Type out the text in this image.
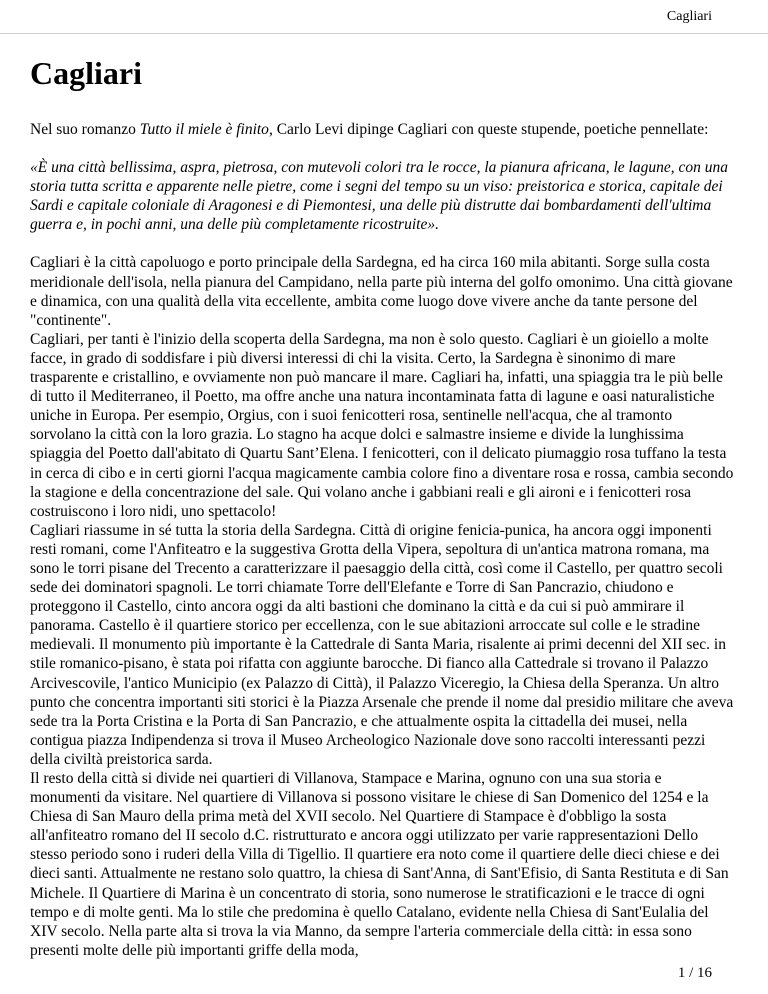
Cagliari
Cagliari

Nel suo romanzo Tutto il miele è finito, Carlo Levi dipinge Cagliari con queste stupende, poetiche pennellate:

«È una città bellissima, aspra, pietrosa, con mutevoli colori tra le rocce, la pianura africana, le lagune, con una storia tutta scritta e apparente nelle pietre, come i segni del tempo su un viso: preistorica e storica, capitale dei Sardi e capitale coloniale di Aragonesi e di Piemontesi, una delle più distrutte dai bombardamenti dell'ultima guerra e, in pochi anni, una delle più completamente ricostruite».

Cagliari è la città capoluogo e porto principale della Sardegna, ed ha circa 160 mila abitanti. Sorge sulla costa meridionale dell'isola, nella pianura del Campidano, nella parte più interna del golfo omonimo. Una città giovane e dinamica, con una qualità della vita eccellente, ambita come luogo dove vivere anche da tante persone del "continente".

Cagliari, per tanti è l'inizio della scoperta della Sardegna, ma non è solo questo. Cagliari è un gioiello a molte facce, in grado di soddisfare i più diversi interessi di chi la visita. Certo, la Sardegna è sinonimo di mare trasparente e cristallino, e ovviamente non può mancare il mare. Cagliari ha, infatti, una spiaggia tra le più belle di tutto il Mediterraneo, il Poetto, ma offre anche una natura incontaminata fatta di lagune e oasi naturalistiche uniche in Europa. Per esempio, Orgius, con i suoi fenicotteri rosa, sentinelle nell'acqua, che al tramonto sorvolano la città con la loro grazia. Lo stagno ha acque dolci e salmastre insieme e divide la lunghissima spiaggia del Poetto dall'abitato di Quartu Sant’Elena. I fenicotteri, con il delicato piumaggio rosa tuffano la testa in cerca di cibo e in certi giorni l'acqua magicamente cambia colore fino a diventare rosa e rossa, cambia secondo la stagione e della concentrazione del sale. Qui volano anche i gabbiani reali e gli aironi e i fenicotteri rosa costruiscono i loro nidi, uno spettacolo!

Cagliari riassume in sé tutta la storia della Sardegna. Città di origine fenicia-punica, ha ancora oggi imponenti resti romani, come l'Anfiteatro e la suggestiva Grotta della Vipera, sepoltura di un'antica matrona romana, ma sono le torri pisane del Trecento a caratterizzare il paesaggio della città, così come il Castello, per quattro secoli sede dei dominatori spagnoli. Le torri chiamate Torre dell'Elefante e Torre di San Pancrazio, chiudono e proteggono il Castello, cinto ancora oggi da alti bastioni che dominano la città e da cui si può ammirare il panorama. Castello è il quartiere storico per eccellenza, con le sue abitazioni arroccate sul colle e le stradine medievali. Il monumento più importante è la Cattedrale di Santa Maria, risalente ai primi decenni del XII sec. in stile romanico-pisano, è stata poi rifatta con aggiunte barocche. Di fianco alla Cattedrale si trovano il Palazzo Arcivescovile, l'antico Municipio (ex Palazzo di Città), il Palazzo Viceregio, la Chiesa della Speranza. Un altro punto che concentra importanti siti storici è la Piazza Arsenale che prende il nome dal presidio militare che aveva sede tra la Porta Cristina e la Porta di San Pancrazio, e che attualmente ospita la cittadella dei musei, nella contigua piazza Indipendenza si trova il Museo Archeologico Nazionale dove sono raccolti interessanti pezzi della civiltà preistorica sarda.

Il resto della città si divide nei quartieri di Villanova, Stampace e Marina, ognuno con una sua storia e monumenti da visitare. Nel quartiere di Villanova si possono visitare le chiese di San Domenico del 1254 e la Chiesa di San Mauro della prima metà del XVII secolo. Nel Quartiere di Stampace è d'obbligo la sosta all'anfiteatro romano del II secolo d.C. ristrutturato e ancora oggi utilizzato per varie rappresentazioni Dello stesso periodo sono i ruderi della Villa di Tigellio. Il quartiere era noto come il quartiere delle dieci chiese e dei dieci santi. Attualmente ne restano solo quattro, la chiesa di Sant'Anna, di Sant'Efisio, di Santa Restituta e di San Michele. Il Quartiere di Marina è un concentrato di storia, sono numerose le stratificazioni e le tracce di ogni tempo e di molte genti. Ma lo stile che predomina è quello Catalano, evidente nella Chiesa di Sant'Eulalia del XIV secolo. Nella parte alta si trova la via Manno, da sempre l'arteria commerciale della città: in essa sono presenti molte delle più importanti griffe della moda,

1 / 16
